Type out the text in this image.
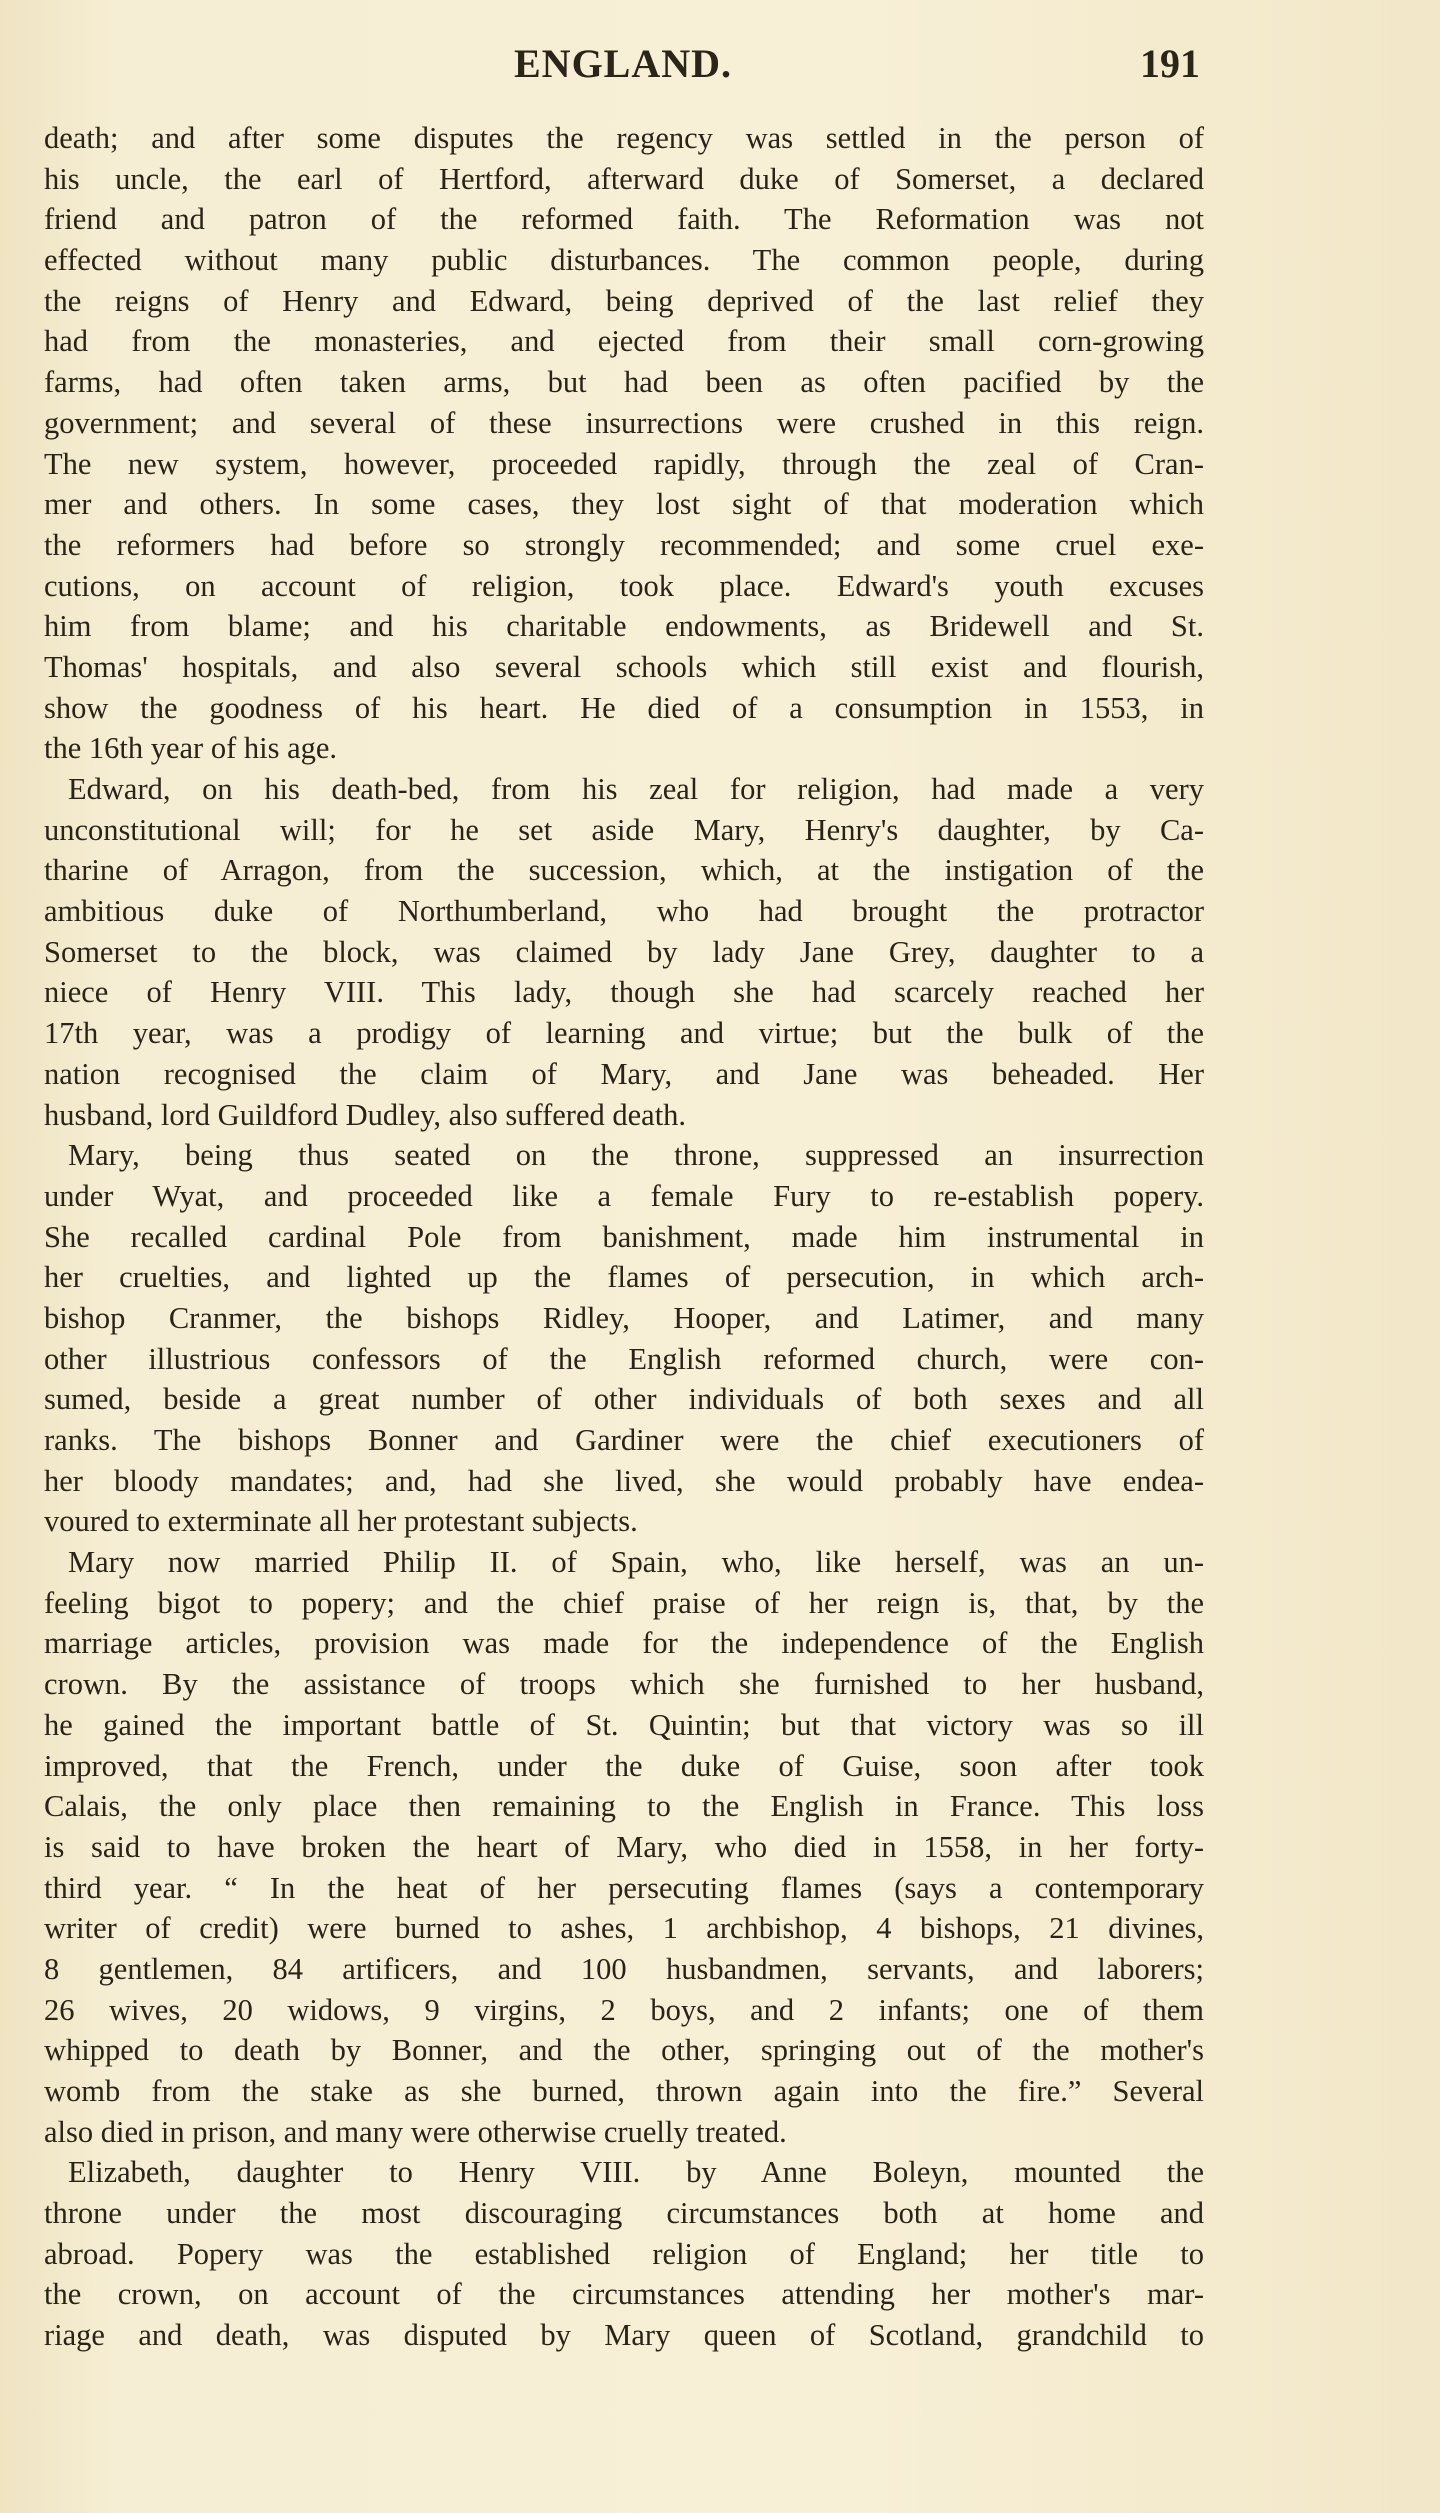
ENGLAND.	191
death; and after some disputes the regency was settled in the person of
his uncle, the earl of Hertford, afterward duke of Somerset, a declared
friend and patron of the reformed faith. The Reformation was not
effected without many public disturbances. The common people, during
the reigns of Henry and Edward, being deprived of the last relief they
had from the monasteries, and ejected from their small corn-growing
farms, had often taken arms, but had been as often pacified by the
government; and several of these insurrections were crushed in this reign.
The new system, however, proceeded rapidly, through the zeal of Cran-
mer and others. In some cases, they lost sight of that moderation which
the reformers had before so strongly recommended; and some cruel exe-
cutions, on account of religion, took place. Edward's youth excuses
him from blame; and his charitable endowments, as Bridewell and St.
Thomas' hospitals, and also several schools which still exist and flourish,
show the goodness of his heart. He died of a consumption in 1553, in
the 16th year of his age.
Edward, on his death-bed, from his zeal for religion, had made a very
unconstitutional will; for he set aside Mary, Henry's daughter, by Ca-
tharine of Arragon, from the succession, which, at the instigation of the
ambitious duke of Northumberland, who had brought the protractor
Somerset to the block, was claimed by lady Jane Grey, daughter to a
niece of Henry VIII. This lady, though she had scarcely reached her
17th year, was a prodigy of learning and virtue; but the bulk of the
nation recognised the claim of Mary, and Jane was beheaded. Her
husband, lord Guildford Dudley, also suffered death.
Mary, being thus seated on the throne, suppressed an insurrection
under Wyat, and proceeded like a female Fury to re-establish popery.
She recalled cardinal Pole from banishment, made him instrumental in
her cruelties, and lighted up the flames of persecution, in which arch-
bishop Cranmer, the bishops Ridley, Hooper, and Latimer, and many
other illustrious confessors of the English reformed church, were con-
sumed, beside a great number of other individuals of both sexes and all
ranks. The bishops Bonner and Gardiner were the chief executioners of
her bloody mandates; and, had she lived, she would probably have endea-
voured to exterminate all her protestant subjects.
Mary now married Philip II. of Spain, who, like herself, was an un-
feeling bigot to popery; and the chief praise of her reign is, that, by the
marriage articles, provision was made for the independence of the English
crown. By the assistance of troops which she furnished to her husband,
he gained the important battle of St. Quintin; but that victory was so ill
improved, that the French, under the duke of Guise, soon after took
Calais, the only place then remaining to the English in France. This loss
is said to have broken the heart of Mary, who died in 1558, in her forty-
third year. “ In the heat of her persecuting flames (says a contemporary
writer of credit) were burned to ashes, 1 archbishop, 4 bishops, 21 divines,
8 gentlemen, 84 artificers, and 100 husbandmen, servants, and laborers;
26 wives, 20 widows, 9 virgins, 2 boys, and 2 infants; one of them
whipped to death by Bonner, and the other, springing out of the mother's
womb from the stake as she burned, thrown again into the fire.” Several
also died in prison, and many were otherwise cruelly treated.
Elizabeth, daughter to Henry VIII. by Anne Boleyn, mounted the
throne under the most discouraging circumstances both at home and
abroad. Popery was the established religion of England; her title to
the crown, on account of the circumstances attending her mother's mar-
riage and death, was disputed by Mary queen of Scotland, grandchild to
